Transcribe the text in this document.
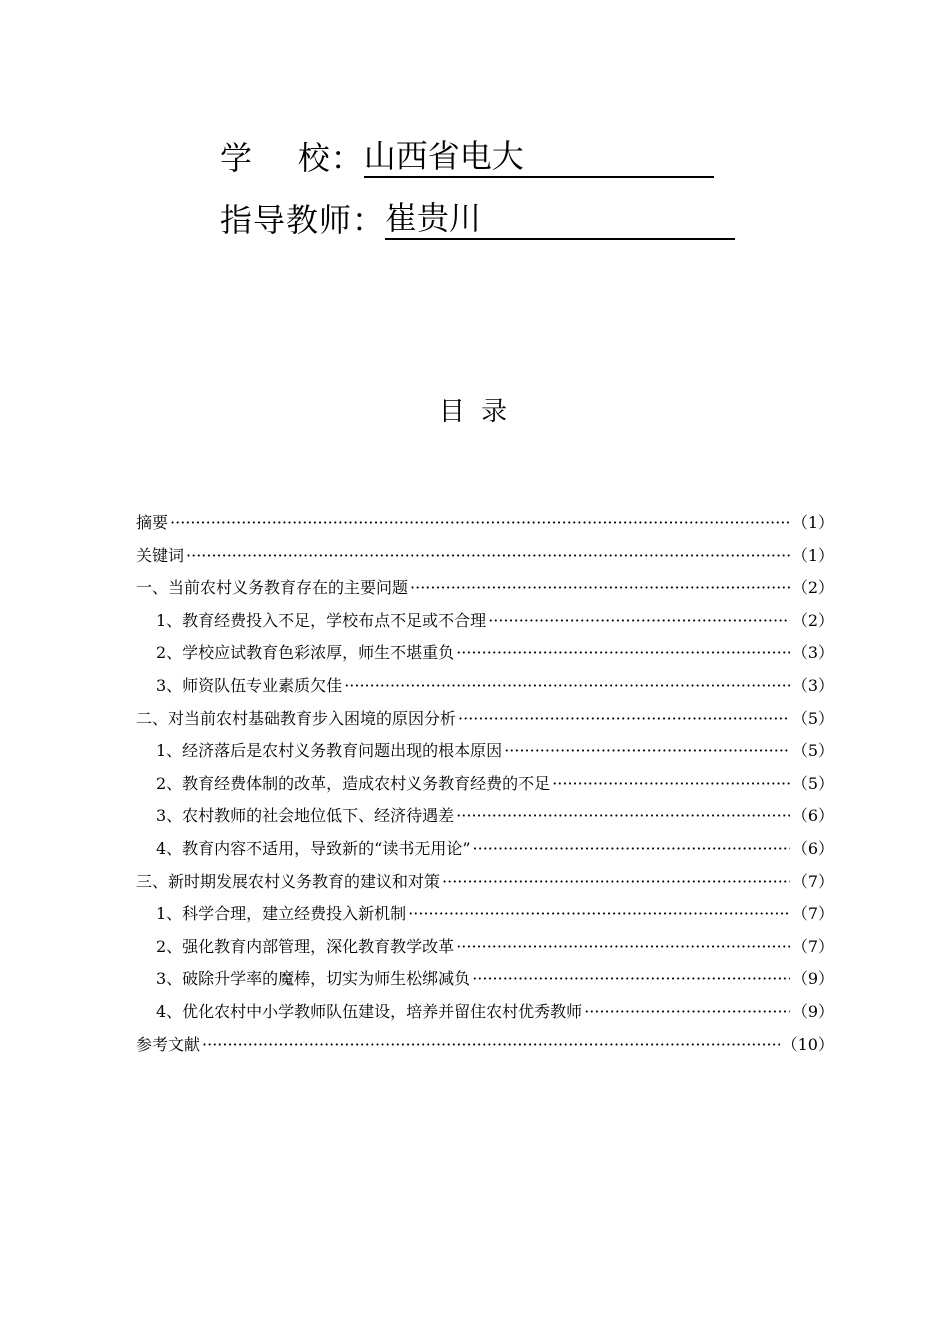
学    校： 山西省电大
指导教师： 崔贵川
目 录
摘要 ·····	（1）
关键词 ·····	（1）
一、当前农村义务教育存在的主要问题 ·····	（2）
1、教育经费投入不足，学校布点不足或不合理 ·····	（2）
2、学校应试教育色彩浓厚，师生不堪重负 ·····	（3）
3、师资队伍专业素质欠佳 ·····	（3）
二、对当前农村基础教育步入困境的原因分析 ·····	（5）
1、经济落后是农村义务教育问题出现的根本原因 ·····	（5）
2、教育经费体制的改革，造成农村义务教育经费的不足 ·····	（5）
3、农村教师的社会地位低下、经济待遇差 ·····	（6）
4、教育内容不适用，导致新的“读书无用论” ·····	（6）
三、新时期发展农村义务教育的建议和对策 ·····	（7）
1、科学合理，建立经费投入新机制 ·····	（7）
2、强化教育内部管理，深化教育教学改革 ·····	（7）
3、破除升学率的魔棒，切实为师生松绑减负 ·····	（9）
4、优化农村中小学教师队伍建设，培养并留住农村优秀教师 ·····	（9）
参考文献 ·····	（10）
